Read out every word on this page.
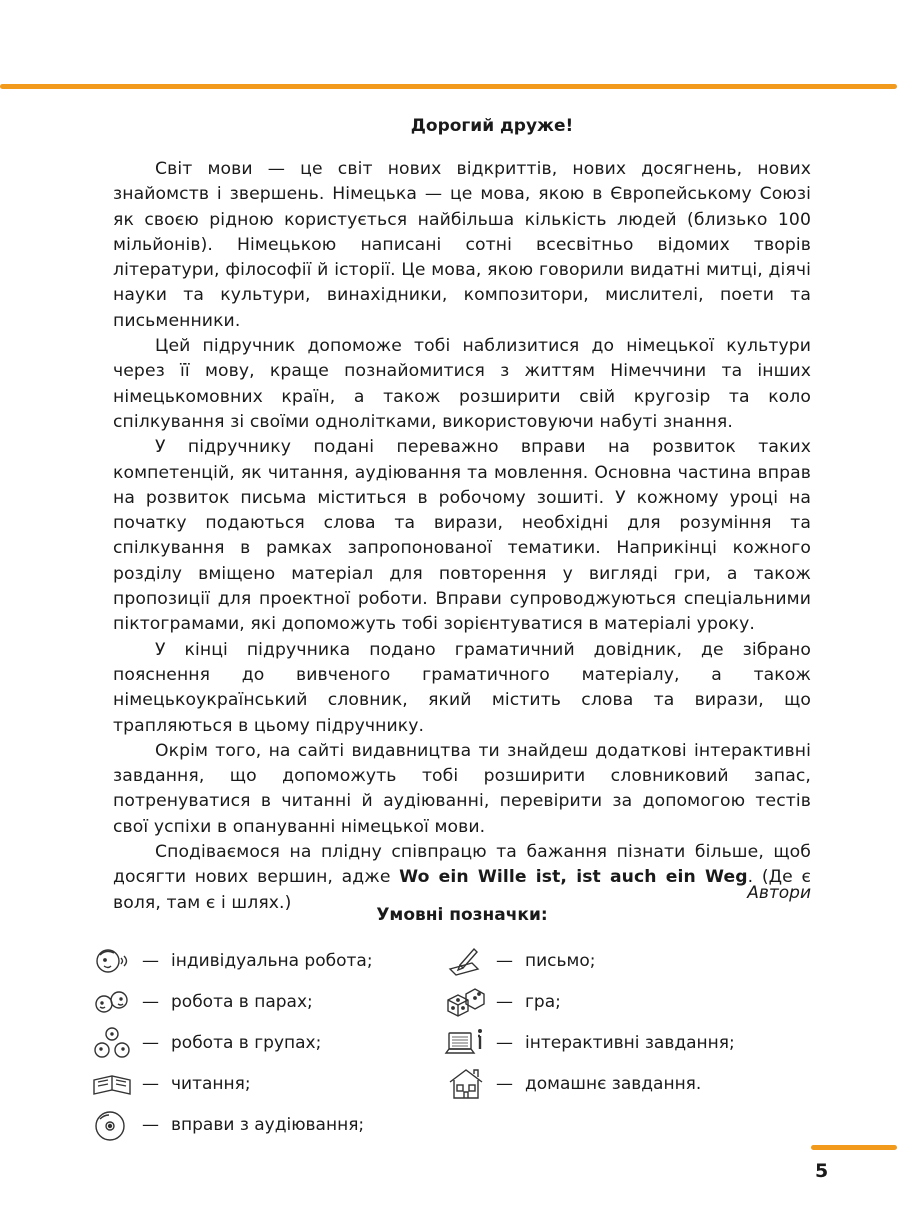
Дорогий друже!

Світ мови — це світ нових відкриттів, нових досягнень, нових знайомств і звершень. Німецька — це мова, якою в Європейському Союзі як своєю рідною користується найбільша кількість людей (близько 100 мільйонів). Німецькою написані сотні всесвітньо відомих творів літератури, філософії й історії. Це мова, якою говорили видатні митці, діячі науки та культури, винахідники, композитори, мислителі, поети та письменники.

Цей підручник допоможе тобі наблизитися до німецької культури через її мову, краще познайомитися з життям Німеччини та інших німецькомовних країн, а також розширити свій кругозір та коло спілкування зі своїми однолітками, використовуючи набуті знання.

У підручнику подані переважно вправи на розвиток таких компетенцій, як читання, аудіювання та мовлення. Основна частина вправ на розвиток письма міститься в робочому зошиті. У кожному уроці на початку подаються слова та вирази, необхідні для розуміння та спілкування в рамках запропонованої тематики. Наприкінці кожного розділу вміщено матеріал для повторення у вигляді гри, а також пропозиції для проектної роботи. Вправи супроводжуються спеціальними піктограмами, які допоможуть тобі зорієнтуватися в матеріалі уроку.

У кінці підручника подано граматичний довідник, де зібрано пояснення до вивченого граматичного матеріалу, а також німецькоукраїнський словник, який містить слова та вирази, що трапляються в цьому підручнику.

Окрім того, на сайті видавництва ти знайдеш додаткові інтерактивні завдання, що допоможуть тобі розширити словниковий запас, потренуватися в читанні й аудіюванні, перевірити за допомогою тестів свої успіхи в опануванні німецької мови.

Сподіваємося на плідну співпрацю та бажання пізнати більше, щоб досягти нових вершин, адже Wo ein Wille ist, ist auch ein Weg. (Де є воля, там є і шлях.)	Автори
Умовні позначки:
— індивідуальна робота;
— робота в парах;
— робота в групах;
— читання;
— вправи з аудіювання;
— письмо;
— гра;
— інтерактивні завдання;
— домашнє завдання.
5
